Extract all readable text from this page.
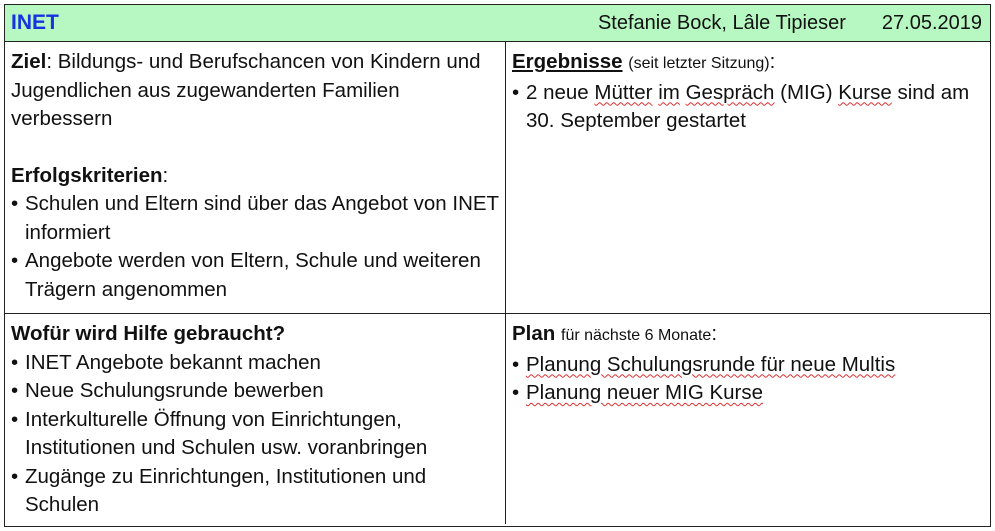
INET	Stefanie Bock, Lâle Tipieser 27.05.2019
Ziel: Bildungs- und Berufschancen von Kindern und Jugendlichen aus zugewanderten Familien verbessern
Erfolgskriterien:
• Schulen und Eltern sind über das Angebot von INET informiert
• Angebote werden von Eltern, Schule und weiteren Trägern angenommen
Ergebnisse (seit letzter Sitzung):
• 2 neue Mütter im Gespräch (MIG) Kurse sind am 30. September gestartet
Wofür wird Hilfe gebraucht?
• INET Angebote bekannt machen
• Neue Schulungsrunde bewerben
• Interkulturelle Öffnung von Einrichtungen, Institutionen und Schulen usw. voranbringen
• Zugänge zu Einrichtungen, Institutionen und Schulen
Plan für nächste 6 Monate:
• Planung Schulungsrunde für neue Multis
• Planung neuer MIG Kurse
